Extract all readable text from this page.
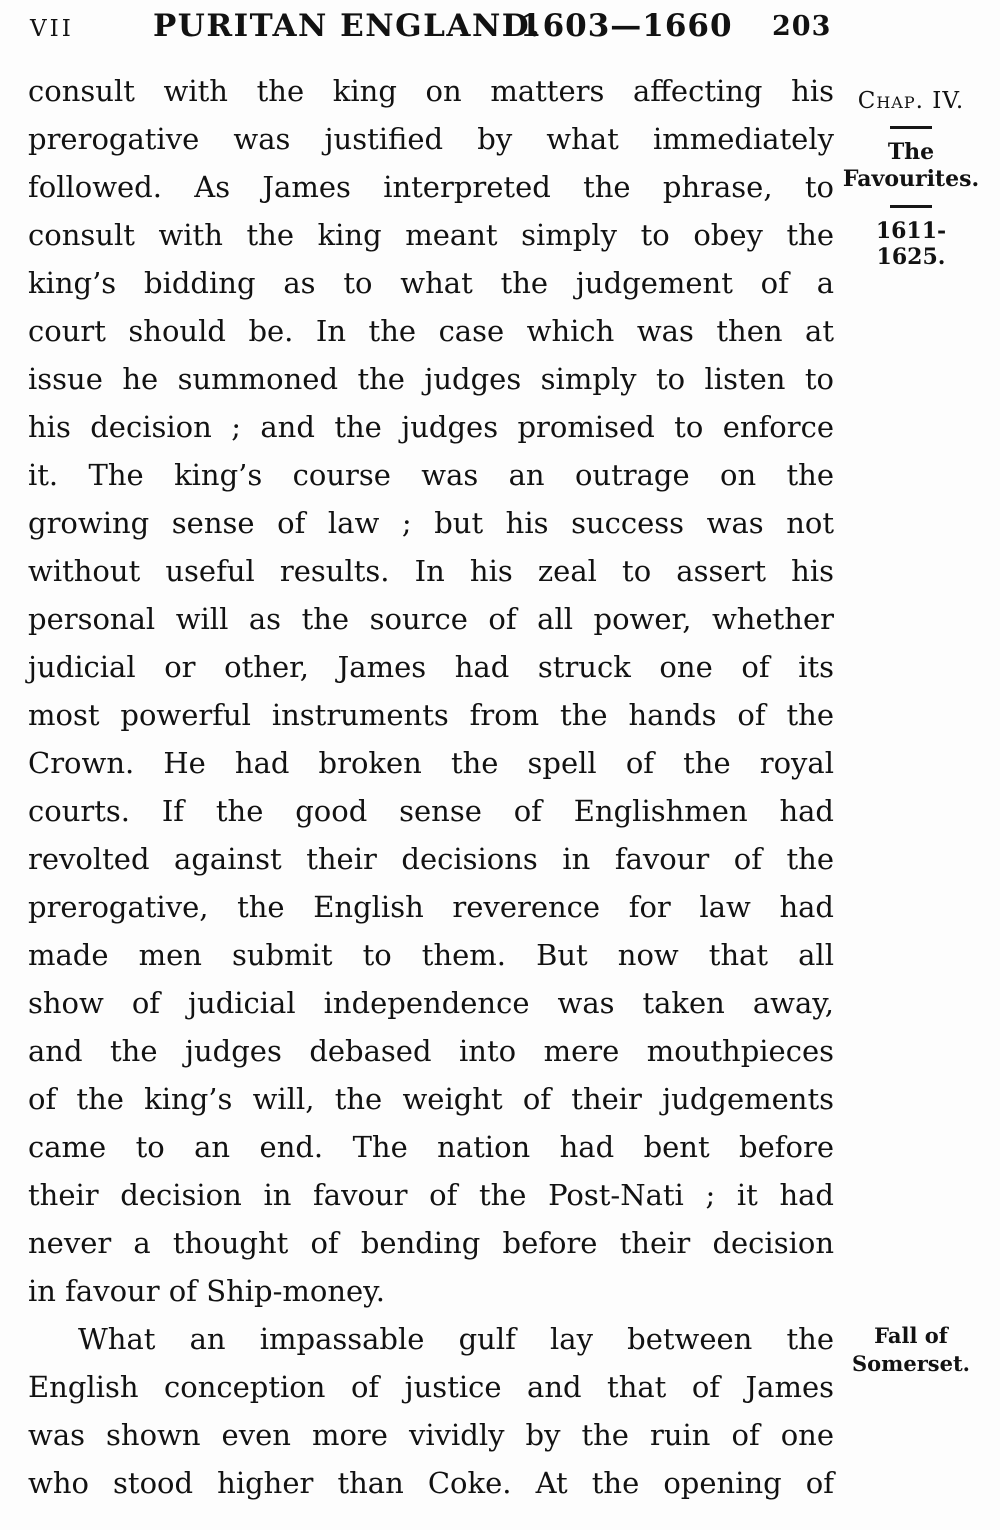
VII	PURITAN ENGLAND.
1603—1660 203
consult with the king on matters affecting his
prerogative was justified by what immediately
followed. As James interpreted the phrase, to
consult with the king meant simply to obey the
king’s bidding as to what the judgement of a
court should be. In the case which was then at
issue he summoned the judges simply to listen to
his decision ; and the judges promised to enforce
it. The king’s course was an outrage on the
growing sense of law ; but his success was not
without useful results. In his zeal to assert his
personal will as the source of all power, whether
judicial or other, James had struck one of its
most powerful instruments from the hands of the
Crown. He had broken the spell of the royal
courts. If the good sense of Englishmen had
revolted against their decisions in favour of the
prerogative, the English reverence for law had
made men submit to them. But now that all
show of judicial independence was taken away,
and the judges debased into mere mouthpieces
of the king’s will, the weight of their judgements
came to an end. The nation had bent before
their decision in favour of the Post-Nati ; it had
never a thought of bending before their decision
in favour of Ship-money.
What an impassable gulf lay between the
English conception of justice and that of James
was shown even more vividly by the ruin of one
who stood higher than Coke. At the opening of
Chap. IV.
The Favourites.
1611-1625.
Fall of Somerset.
